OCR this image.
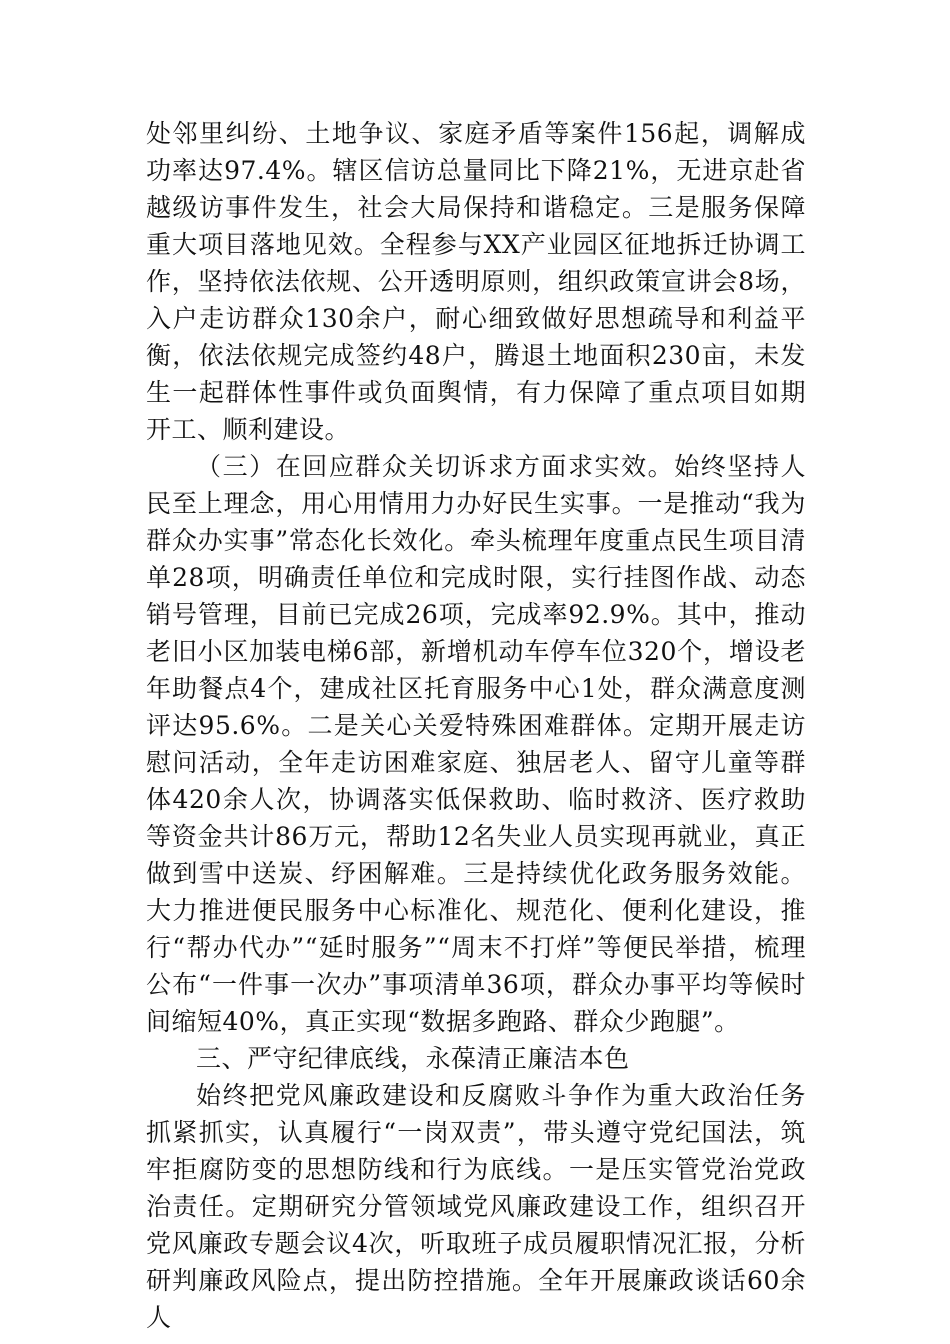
处邻里纠纷、土地争议、家庭矛盾等案件156起，调解成功率达97.4%。辖区信访总量同比下降21%，无进京赴省越级访事件发生，社会大局保持和谐稳定。三是服务保障重大项目落地见效。全程参与XX产业园区征地拆迁协调工作，坚持依法依规、公开透明原则，组织政策宣讲会8场，入户走访群众130余户，耐心细致做好思想疏导和利益平衡，依法依规完成签约48户，腾退土地面积230亩，未发生一起群体性事件或负面舆情，有力保障了重点项目如期开工、顺利建设。

（三）在回应群众关切诉求方面求实效。始终坚持人民至上理念，用心用情用力办好民生实事。一是推动“我为群众办实事”常态化长效化。牵头梳理年度重点民生项目清单28项，明确责任单位和完成时限，实行挂图作战、动态销号管理，目前已完成26项，完成率92.9%。其中，推动老旧小区加装电梯6部，新增机动车停车位320个，增设老年助餐点4个，建成社区托育服务中心1处，群众满意度测评达95.6%。二是关心关爱特殊困难群体。定期开展走访慰问活动，全年走访困难家庭、独居老人、留守儿童等群体420余人次，协调落实低保救助、临时救济、医疗救助等资金共计86万元，帮助12名失业人员实现再就业，真正做到雪中送炭、纾困解难。三是持续优化政务服务效能。大力推进便民服务中心标准化、规范化、便利化建设，推行“帮办代办”“延时服务”“周末不打烊”等便民举措，梳理公布“一件事一次办”事项清单36项，群众办事平均等候时间缩短40%，真正实现“数据多跑路、群众少跑腿”。

三、严守纪律底线，永葆清正廉洁本色

始终把党风廉政建设和反腐败斗争作为重大政治任务抓紧抓实，认真履行“一岗双责”，带头遵守党纪国法，筑牢拒腐防变的思想防线和行为底线。一是压实管党治党政治责任。定期研究分管领域党风廉政建设工作，组织召开党风廉政专题会议4次，听取班子成员履职情况汇报，分析研判廉政风险点，提出防控措施。全年开展廉政谈话60余人
